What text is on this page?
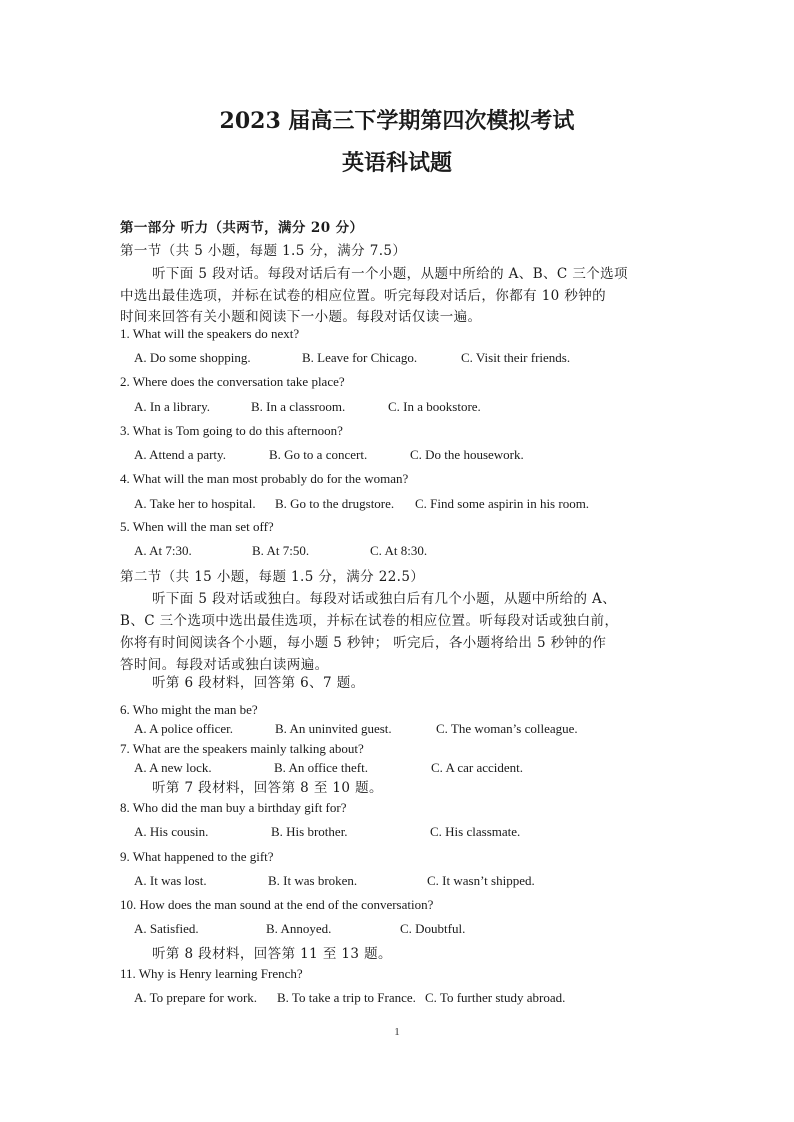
2023 届高三下学期第四次模拟考试
英语科试题
第一部分 听力（共两节，满分 20 分）
第一节（共 5 小题，每题 1.5 分，满分 7.5）
听下面 5 段对话。每段对话后有一个小题，从题中所给的 A、B、C 三个选项
中选出最佳选项，并标在试卷的相应位置。听完每段对话后，你都有 10 秒钟的
时间来回答有关小题和阅读下一小题。每段对话仅读一遍。
1. What will the speakers do next?
A. Do some shopping.	B. Leave for Chicago.	C. Visit their friends.
2. Where does the conversation take place?
A. In a library.	B. In a classroom.	C. In a bookstore.
3. What is Tom going to do this afternoon?
A. Attend a party.	B. Go to a concert.	C. Do the housework.
4. What will the man most probably do for the woman?
A. Take her to hospital. B. Go to the drugstore. C. Find some aspirin in his room.
5. When will the man set off?
A. At 7:30.	B. At 7:50.	C. At 8:30.
第二节（共 15 小题，每题 1.5 分，满分 22.5）
听下面 5 段对话或独白。每段对话或独白后有几个小题，从题中所给的 A、
B、C 三个选项中选出最佳选项，并标在试卷的相应位置。听每段对话或独白前，
你将有时间阅读各个小题，每小题 5 秒钟； 听完后，各小题将给出 5 秒钟的作
答时间。每段对话或独白读两遍。
听第 6 段材料，回答第 6、7 题。
6. Who might the man be?
A. A police officer.	B. An uninvited guest.	C. The woman’s colleague.
7. What are the speakers mainly talking about?
A. A new lock.	B. An office theft.	C. A car accident.
听第 7 段材料，回答第 8 至 10 题。
8. Who did the man buy a birthday gift for?
A. His cousin.	B. His brother.	C. His classmate.
9. What happened to the gift?
A. It was lost.	B. It was broken.	C. It wasn’t shipped.
10. How does the man sound at the end of the conversation?
A. Satisfied.	B. Annoyed.	C. Doubtful.
听第 8 段材料，回答第 11 至 13 题。
11. Why is Henry learning French?
A. To prepare for work. B. To take a trip to France. C. To further study abroad.
1
